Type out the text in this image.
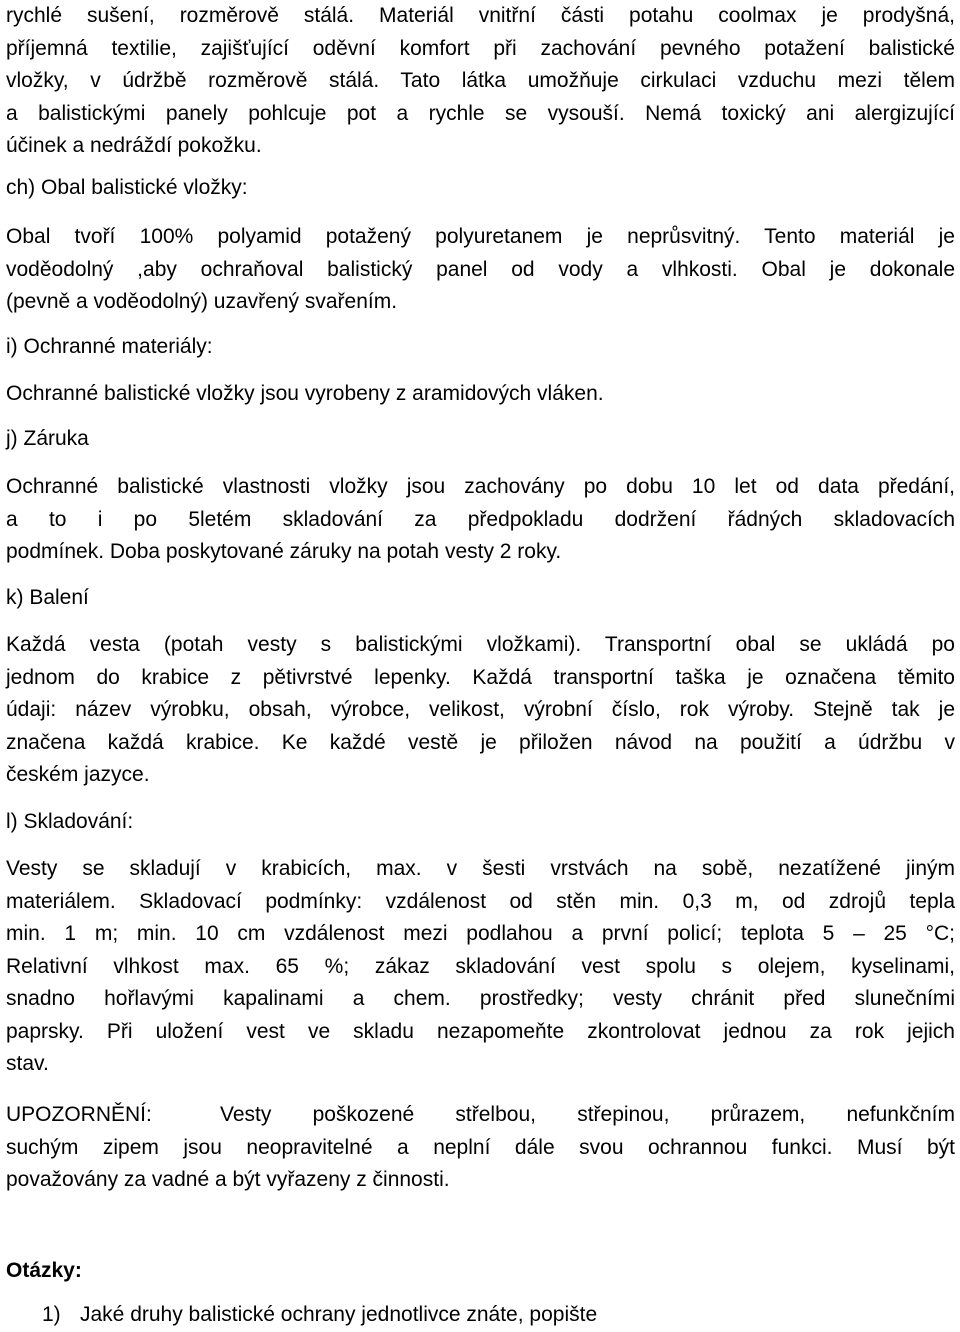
rychlé sušení, rozměrově stálá. Materiál vnitřní části potahu coolmax je prodyšná,
příjemná textilie, zajišťující oděvní komfort při zachování pevného potažení balistické
vložky, v údržbě rozměrově stálá. Tato látka umožňuje cirkulaci vzduchu mezi tělem
a balistickými panely pohlcuje pot a rychle se vysouší. Nemá toxický ani alergizující
účinek a nedráždí pokožku.
ch) Obal balistické vložky:
Obal tvoří 100% polyamid potažený polyuretanem je neprůsvitný. Tento materiál je
voděodolný ,aby ochraňoval balistický panel od vody a vlhkosti. Obal je dokonale
(pevně a voděodolný) uzavřený svařením.
i) Ochranné materiály:
Ochranné balistické vložky jsou vyrobeny z aramidových vláken.
j) Záruka
Ochranné balistické vlastnosti vložky jsou zachovány po dobu 10 let od data předání,
a to i po 5letém skladování za předpokladu dodržení řádných skladovacích
podmínek. Doba poskytované záruky na potah vesty 2 roky.
k) Balení
Každá vesta (potah vesty s balistickými vložkami). Transportní obal se ukládá po
jednom do krabice z pětivrstvé lepenky. Každá transportní taška je označena těmito
údaji: název výrobku, obsah, výrobce, velikost, výrobní číslo, rok výroby. Stejně tak je
značena každá krabice. Ke každé vestě je přiložen návod na použití a údržbu v
českém jazyce.
l) Skladování:
Vesty se skladují v krabicích, max. v šesti vrstvách na sobě, nezatížené jiným
materiálem. Skladovací podmínky: vzdálenost od stěn min. 0,3 m, od zdrojů tepla
min. 1 m; min. 10 cm vzdálenost mezi podlahou a první policí; teplota 5 – 25 °C;
Relativní vlhkost max. 65 %; zákaz skladování vest spolu s olejem, kyselinami,
snadno hořlavými kapalinami a chem. prostředky; vesty chránit před slunečními
paprsky. Při uložení vest ve skladu nezapomeňte zkontrolovat jednou za rok jejich
stav.
UPOZORNĚNÍ:	Vesty poškozené střelbou, střepinou, průrazem, nefunkčním
suchým zipem jsou neopravitelné a neplní dále svou ochrannou funkci. Musí být
považovány za vadné a být vyřazeny z činnosti.
Otázky:
1) Jaké druhy balistické ochrany jednotlivce znáte, popište
